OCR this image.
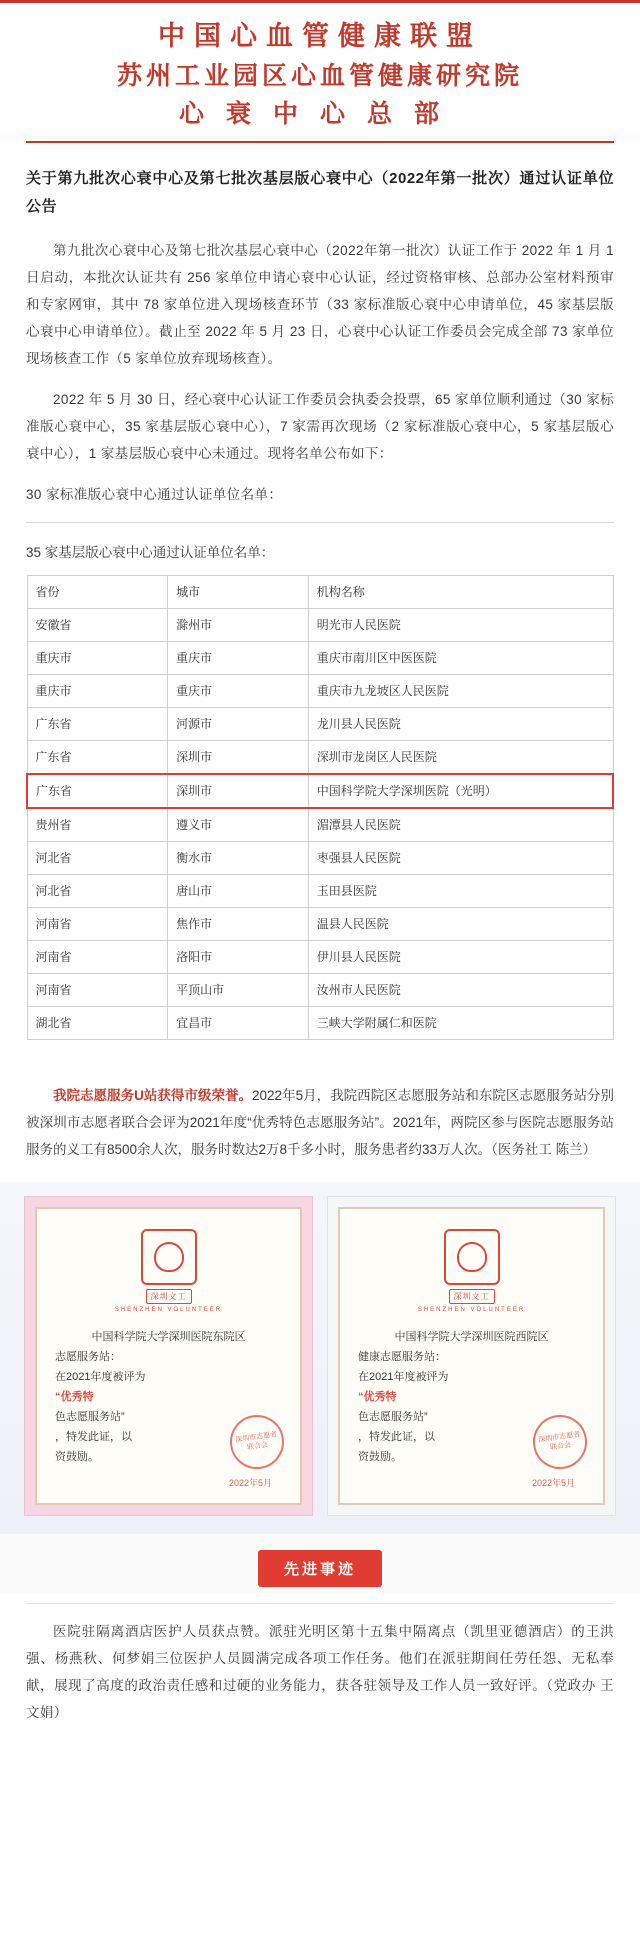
中国心血管健康联盟
苏州工业园区心血管健康研究院
心衰中心总部
关于第九批次心衰中心及第七批次基层版心衰中心（2022年第一批次）通过认证单位公告

第九批次心衰中心及第七批次基层心衰中心（2022年第一批次）认证工作于 2022 年 1 月 1 日启动，本批次认证共有 256 家单位申请心衰中心认证，经过资格审核、总部办公室材料预审和专家网审，其中 78 家单位进入现场核查环节（33 家标准版心衰中心申请单位，45 家基层版心衰中心申请单位）。截止至 2022 年 5 月 23 日，心衰中心认证工作委员会完成全部 73 家单位现场核查工作（5 家单位放弃现场核查）。

2022 年 5 月 30 日，经心衰中心认证工作委员会执委会投票，65 家单位顺利通过（30 家标准版心衰中心，35 家基层版心衰中心），7 家需再次现场（2 家标准版心衰中心，5 家基层版心衰中心），1 家基层版心衰中心未通过。现将名单公布如下：

30 家标准版心衰中心通过认证单位名单：

35 家基层版心衰中心通过认证单位名单：

省份	城市	机构名称
安徽省	滁州市	明光市人民医院
重庆市	重庆市	重庆市南川区中医医院
重庆市	重庆市	重庆市九龙坡区人民医院
广东省	河源市	龙川县人民医院
广东省	深圳市	深圳市龙岗区人民医院
广东省	深圳市	中国科学院大学深圳医院（光明）
贵州省	遵义市	湄潭县人民医院
河北省	衡水市	枣强县人民医院
河北省	唐山市	玉田县医院
河南省	焦作市	温县人民医院
河南省	洛阳市	伊川县人民医院
河南省	平顶山市	汝州市人民医院
湖北省	宜昌市	三峡大学附属仁和医院

我院志愿服务U站获得市级荣誉。2022年5月，我院西院区志愿服务站和东院区志愿服务站分别被深圳市志愿者联合会评为2021年度“优秀特色志愿服务站”。2021年，两院区参与医院志愿服务站服务的义工有8500余人次，服务时数达2万8千多小时，服务患者约33万人次。（医务社工 陈兰）

深圳文工
SHENZHEN VOLUNTEER
中国科学院大学深圳医院东院区
志愿服务站：
在2021年度被评为
“优秀特
色志愿服务站”
，特发此证，以
资鼓励。
深圳市志愿者联合会
2022年5月
深圳文工
SHENZHEN VOLUNTEER
中国科学院大学深圳医院西院区
健康志愿服务站：
在2021年度被评为
“优秀特
色志愿服务站”
，特发此证，以
资鼓励。
深圳市志愿者联合会
2022年5月
先进事迹

医院驻隔离酒店医护人员获点赞。派驻光明区第十五集中隔离点（凯里亚德酒店）的王洪强、杨燕秋、何梦娟三位医护人员圆满完成各项工作任务。他们在派驻期间任劳任怨、无私奉献，展现了高度的政治责任感和过硬的业务能力，获各驻领导及工作人员一致好评。（党政办 王文娟）
